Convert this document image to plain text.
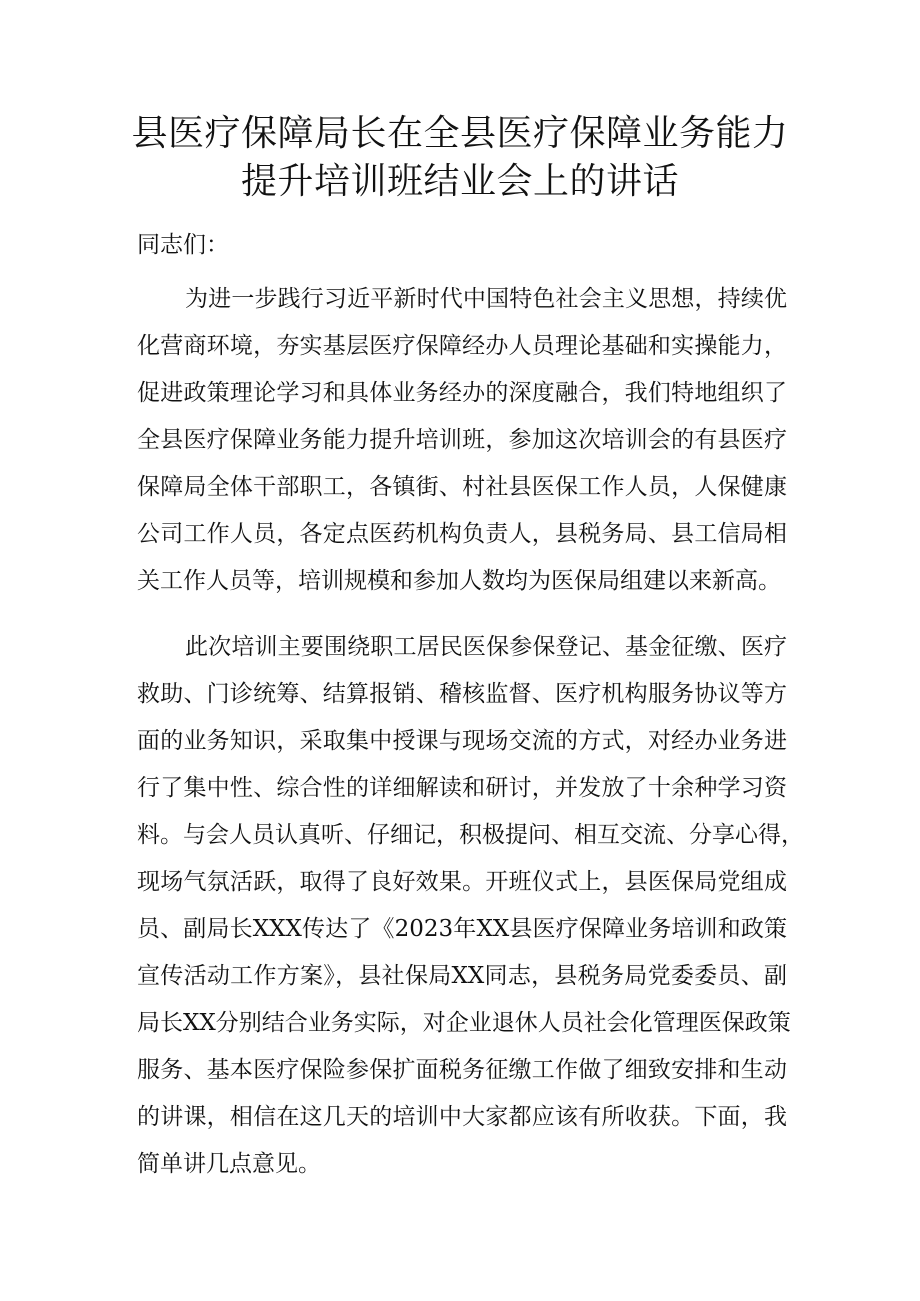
县医疗保障局长在全县医疗保障业务能力
提升培训班结业会上的讲话
同志们：
为进一步践行习近平新时代中国特色社会主义思想，持续优
化营商环境，夯实基层医疗保障经办人员理论基础和实操能力，
促进政策理论学习和具体业务经办的深度融合，我们特地组织了
全县医疗保障业务能力提升培训班，参加这次培训会的有县医疗
保障局全体干部职工，各镇街、村社县医保工作人员，人保健康
公司工作人员，各定点医药机构负责人，县税务局、县工信局相
关工作人员等，培训规模和参加人数均为医保局组建以来新高。
此次培训主要围绕职工居民医保参保登记、基金征缴、医疗
救助、门诊统筹、结算报销、稽核监督、医疗机构服务协议等方
面的业务知识，采取集中授课与现场交流的方式，对经办业务进
行了集中性、综合性的详细解读和研讨，并发放了十余种学习资
料。与会人员认真听、仔细记，积极提问、相互交流、分享心得，
现场气氛活跃，取得了良好效果。开班仪式上，县医保局党组成
员、副局长XXX传达了《2023年XX县医疗保障业务培训和政策
宣传活动工作方案》，县社保局XX同志，县税务局党委委员、副
局长XX分别结合业务实际，对企业退休人员社会化管理医保政策
服务、基本医疗保险参保扩面税务征缴工作做了细致安排和生动
的讲课，相信在这几天的培训中大家都应该有所收获。下面，我
简单讲几点意见。
